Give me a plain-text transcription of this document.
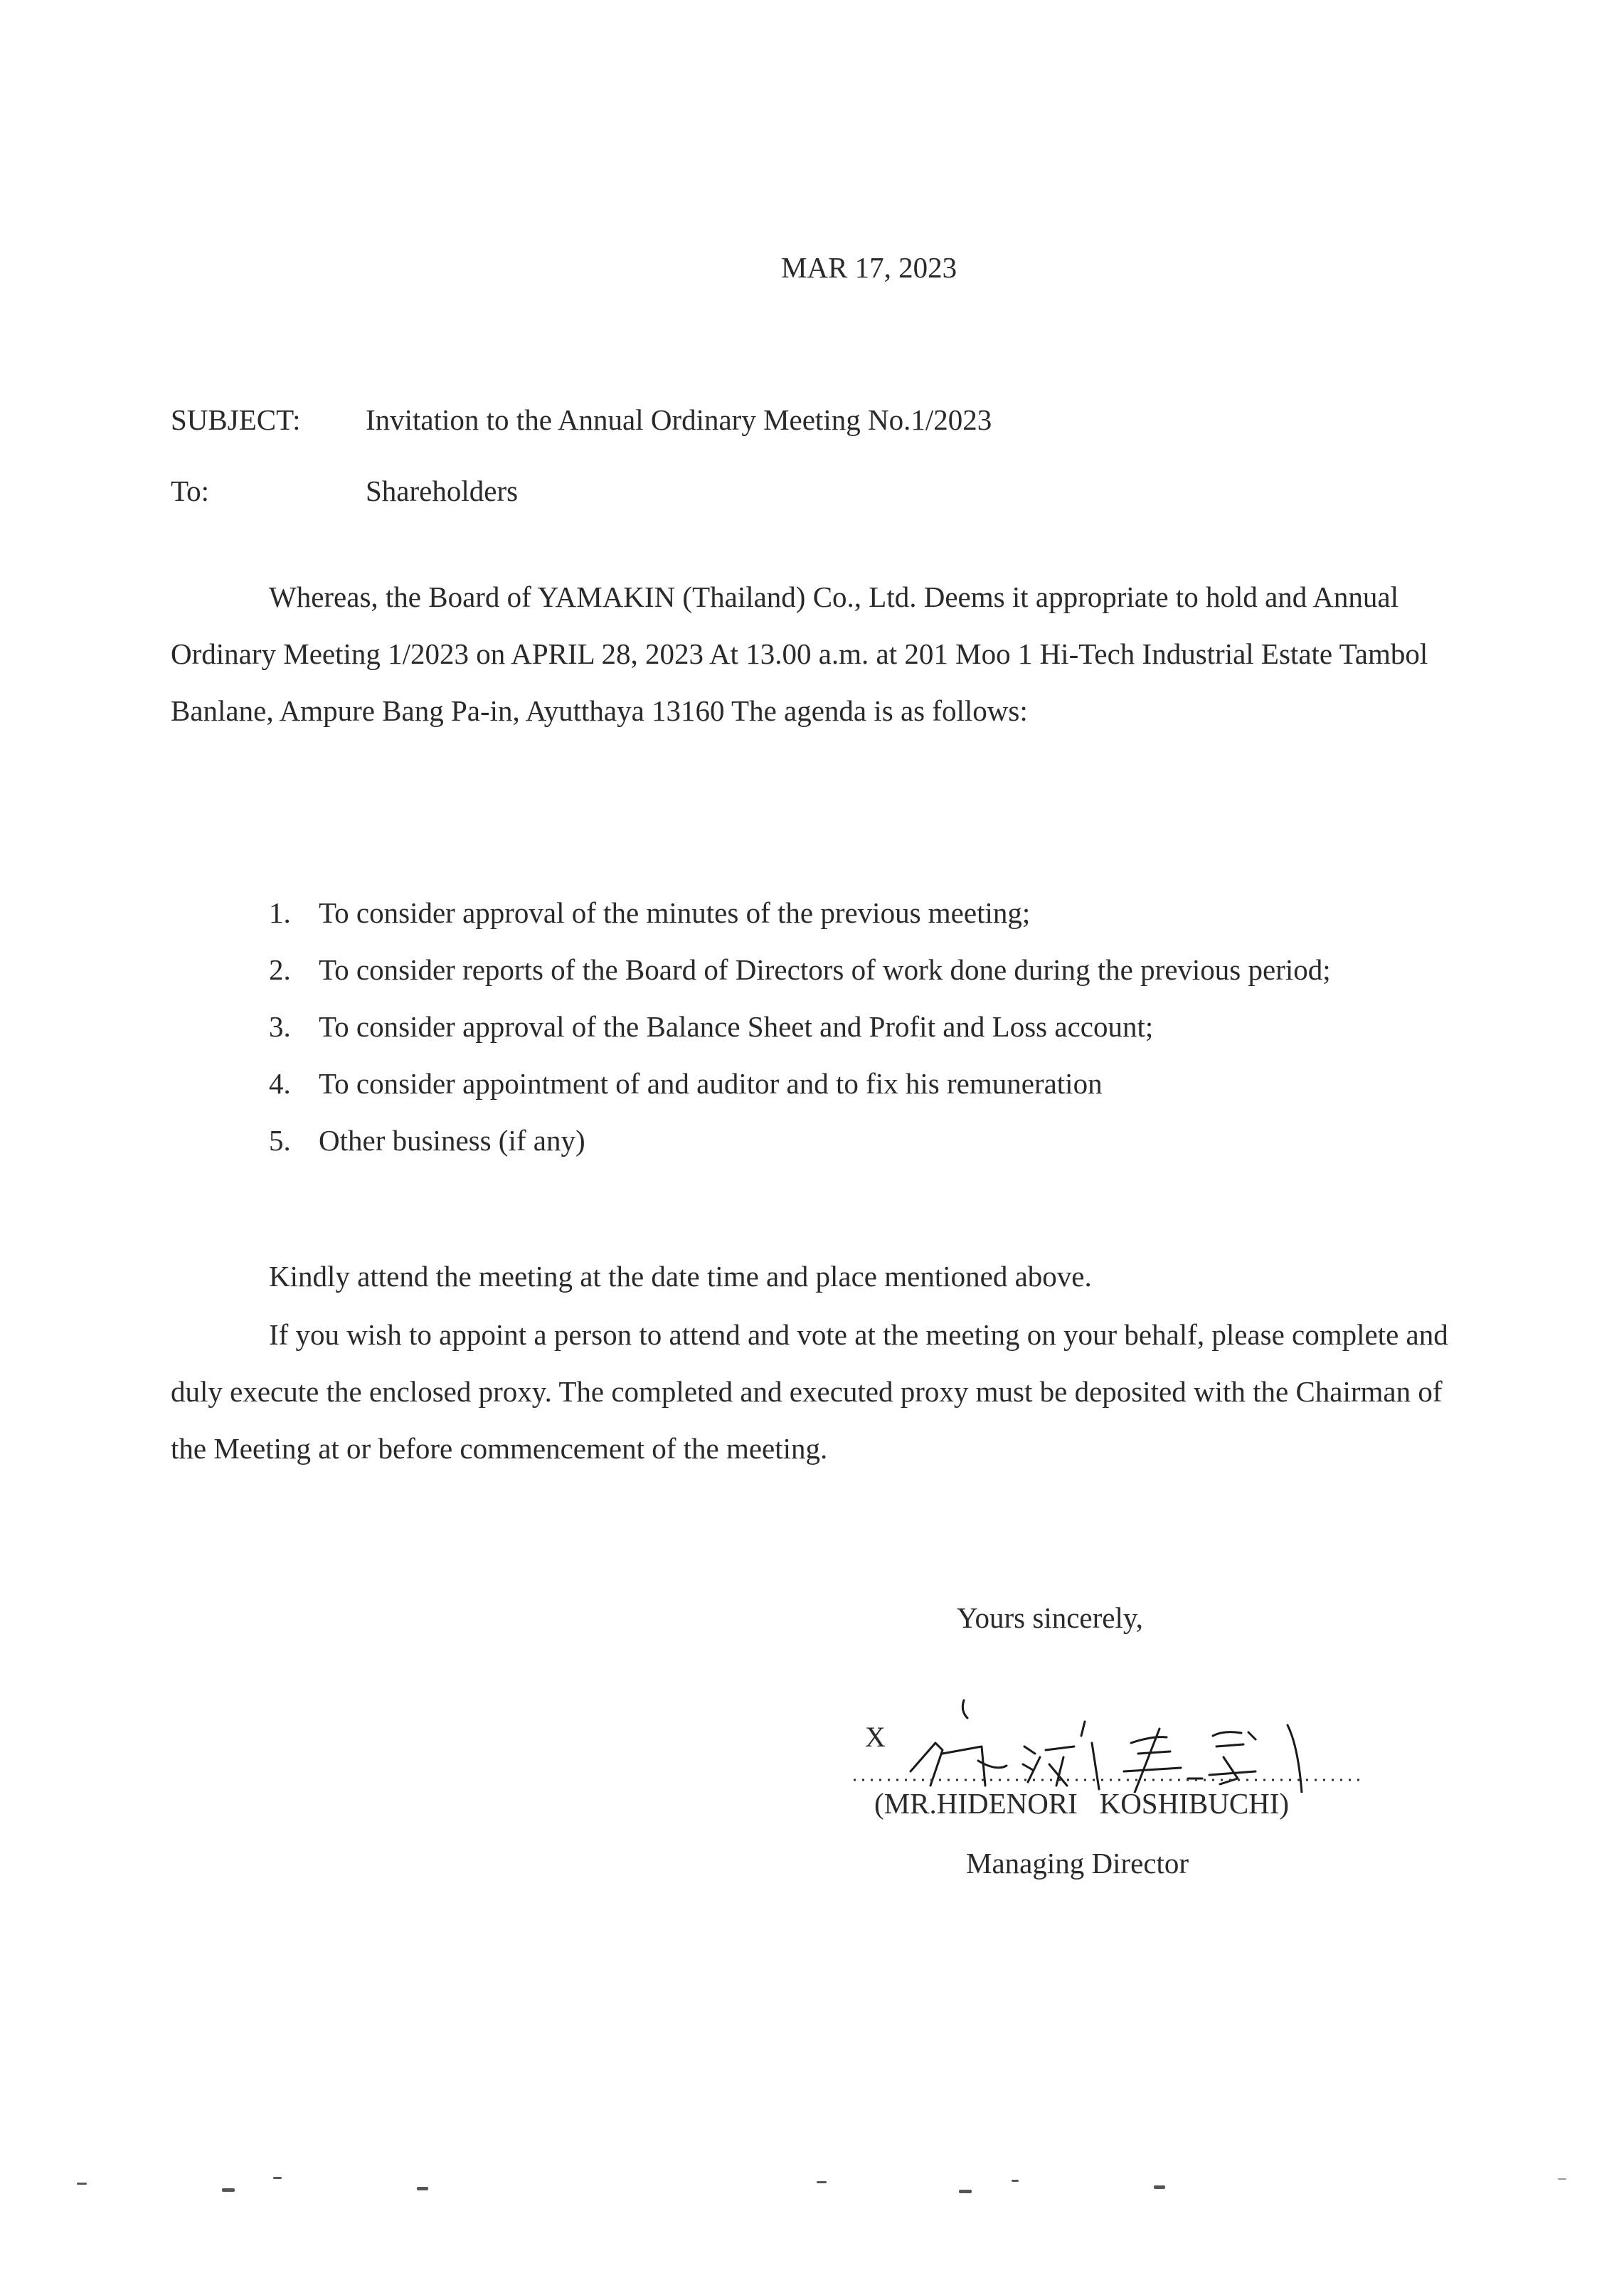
MAR 17, 2023
SUBJECT: Invitation to the Annual Ordinary Meeting No.1/2023
To:	Shareholders
Whereas, the Board of YAMAKIN (Thailand) Co., Ltd. Deems it appropriate to hold and Annual Ordinary Meeting 1/2023 on APRIL 28, 2023 At 13.00 a.m. at 201 Moo 1 Hi-Tech Industrial Estate Tambol Banlane, Ampure Bang Pa-in, Ayutthaya 13160 The agenda is as follows:
1. To consider approval of the minutes of the previous meeting;
2. To consider reports of the Board of Directors of work done during the previous period;
3. To consider approval of the Balance Sheet and Profit and Loss account;
4. To consider appointment of and auditor and to fix his remuneration
5. Other business (if any)
Kindly attend the meeting at the date time and place mentioned above.
If you wish to appoint a person to attend and vote at the meeting on your behalf, please complete and duly execute the enclosed proxy. The completed and executed proxy must be deposited with the Chairman of the Meeting at or before commencement of the meeting.
Yours sincerely,
X
(MR.HIDENORI   KOSHIBUCHI)
Managing Director
